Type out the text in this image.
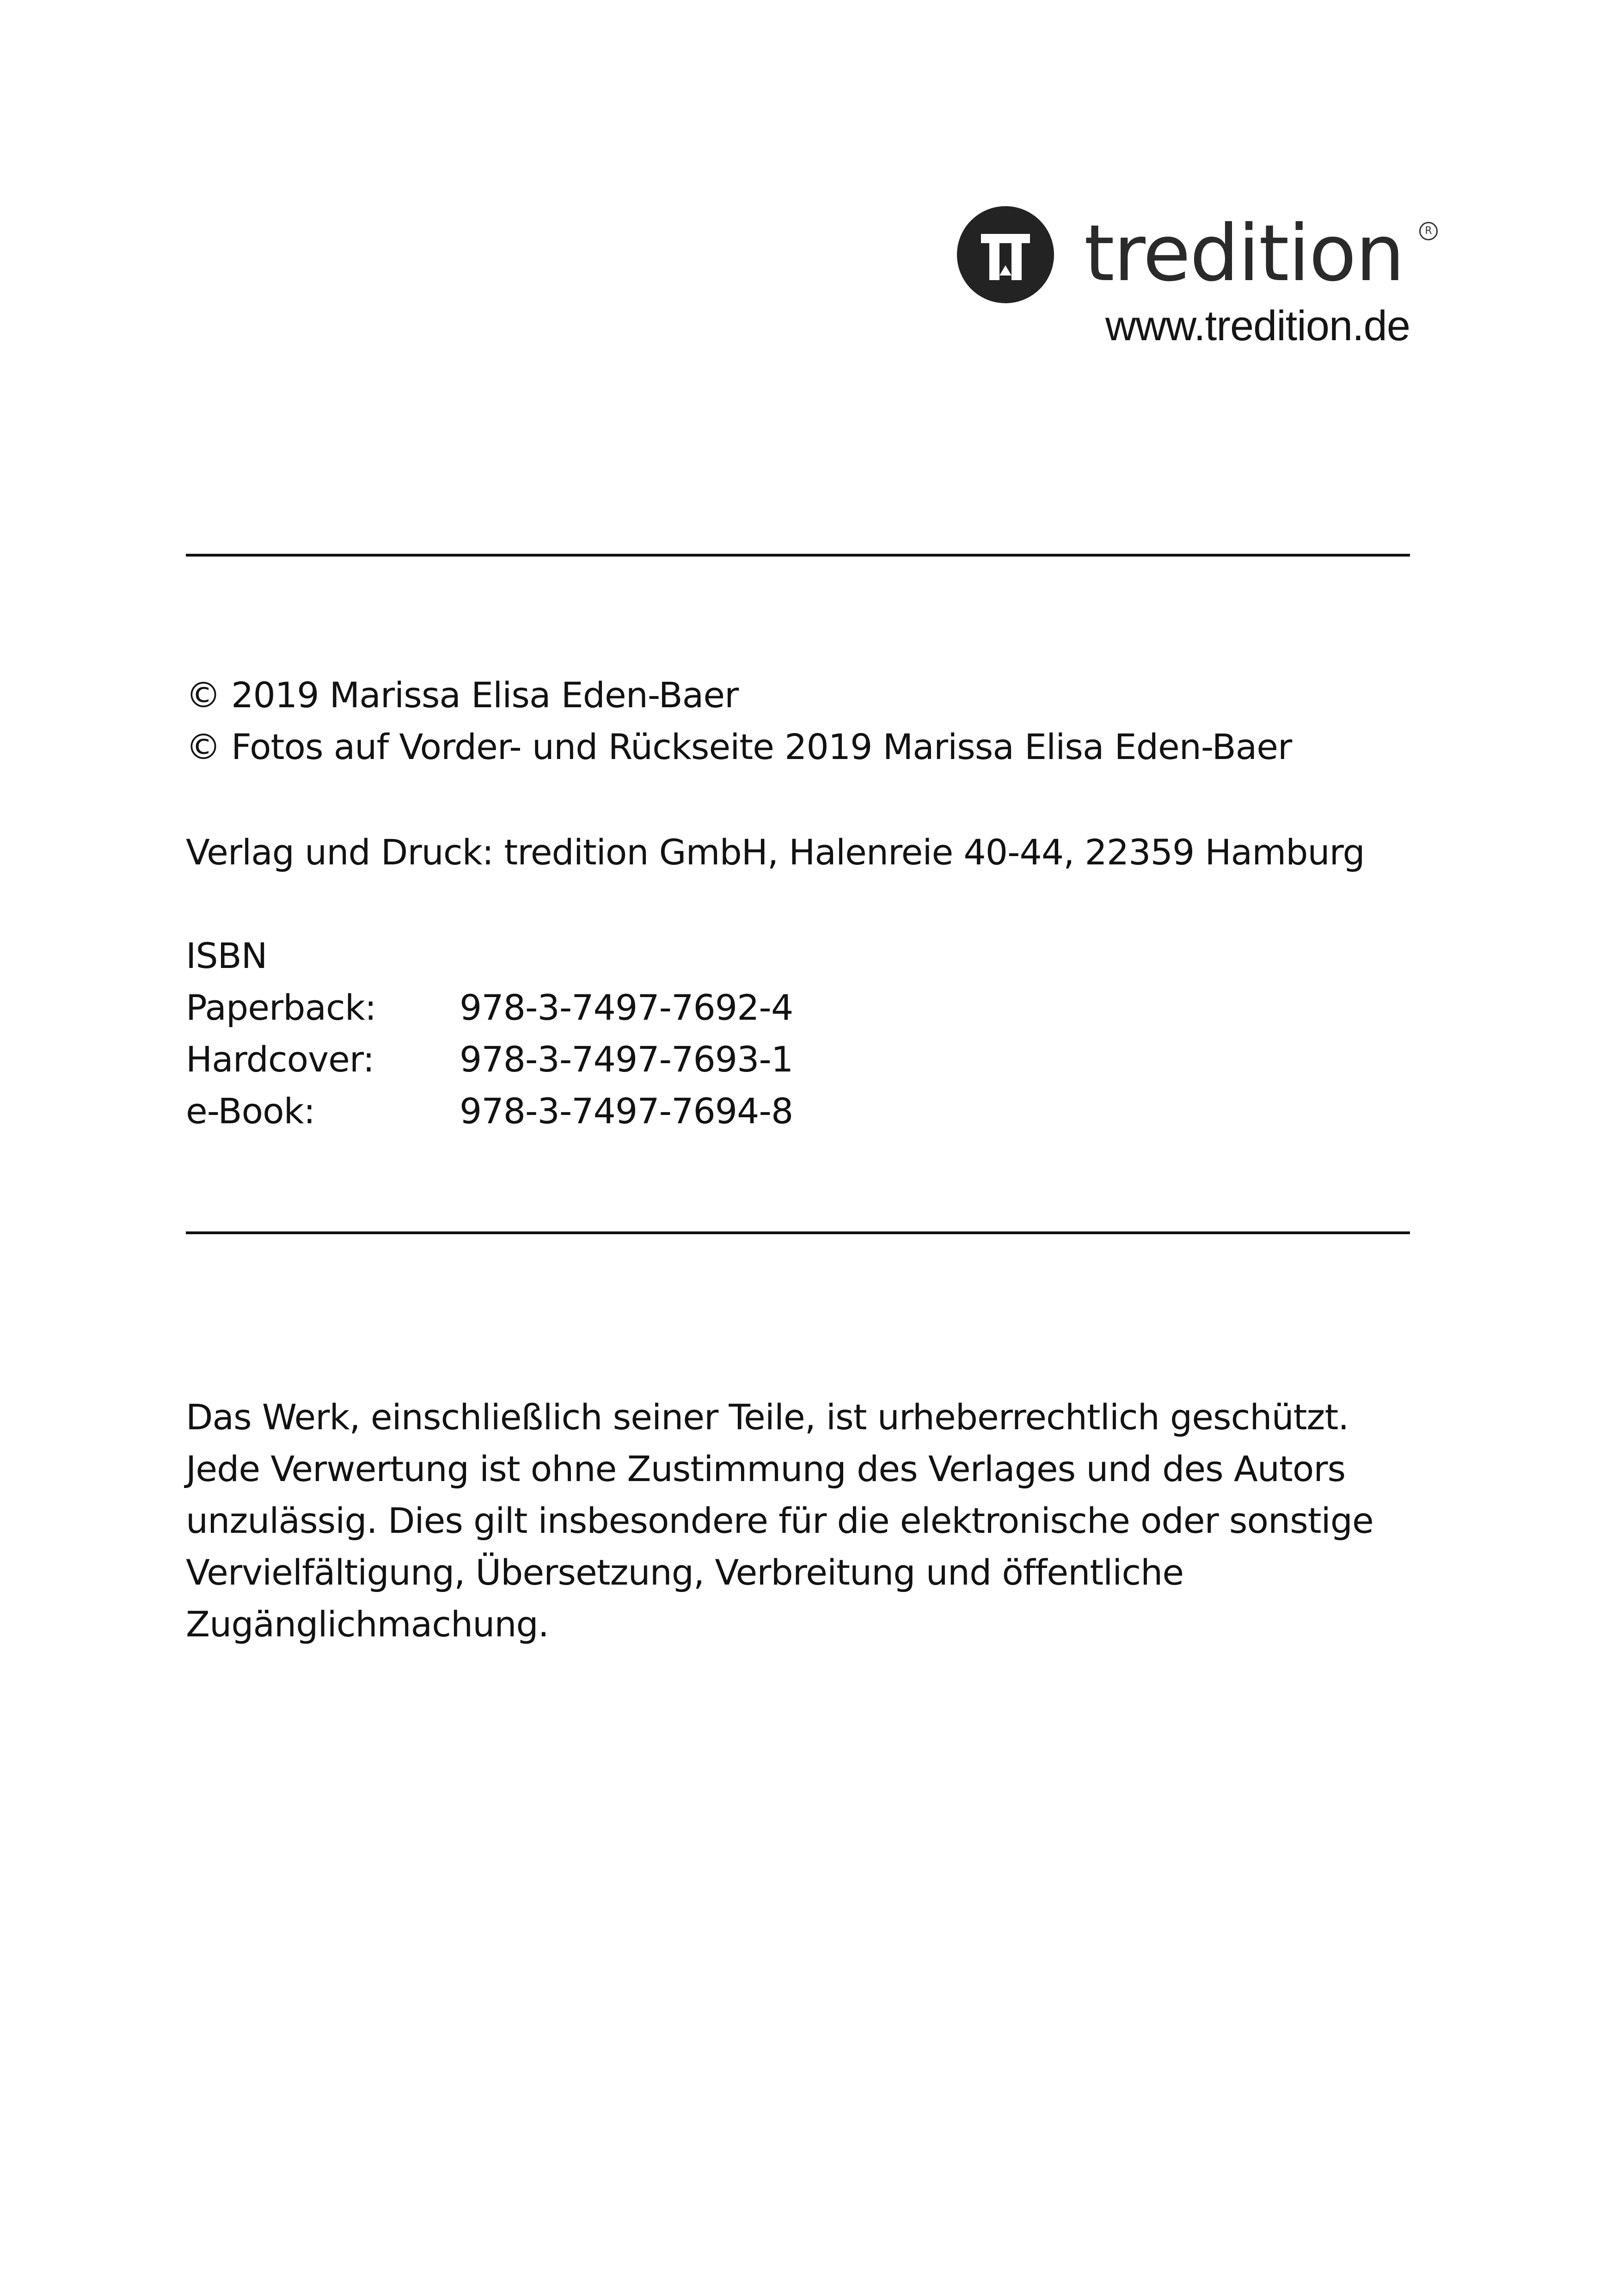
tredition	R
www.tredition.de
© 2019 Marissa Elisa Eden-Baer
© Fotos auf Vorder- und Rückseite 2019 Marissa Elisa Eden-Baer
Verlag und Druck: tredition GmbH, Halenreie 40-44, 22359 Hamburg
ISBN
Paperback: 978-3-7497-7692-4
Hardcover: 978-3-7497-7693-1
e-Book:	978-3-7497-7694-8
Das Werk, einschließlich seiner Teile, ist urheberrechtlich geschützt.
Jede Verwertung ist ohne Zustimmung des Verlages und des Autors
unzulässig. Dies gilt insbesondere für die elektronische oder sonstige
Vervielfältigung, Übersetzung, Verbreitung und öffentliche
Zugänglichmachung.
